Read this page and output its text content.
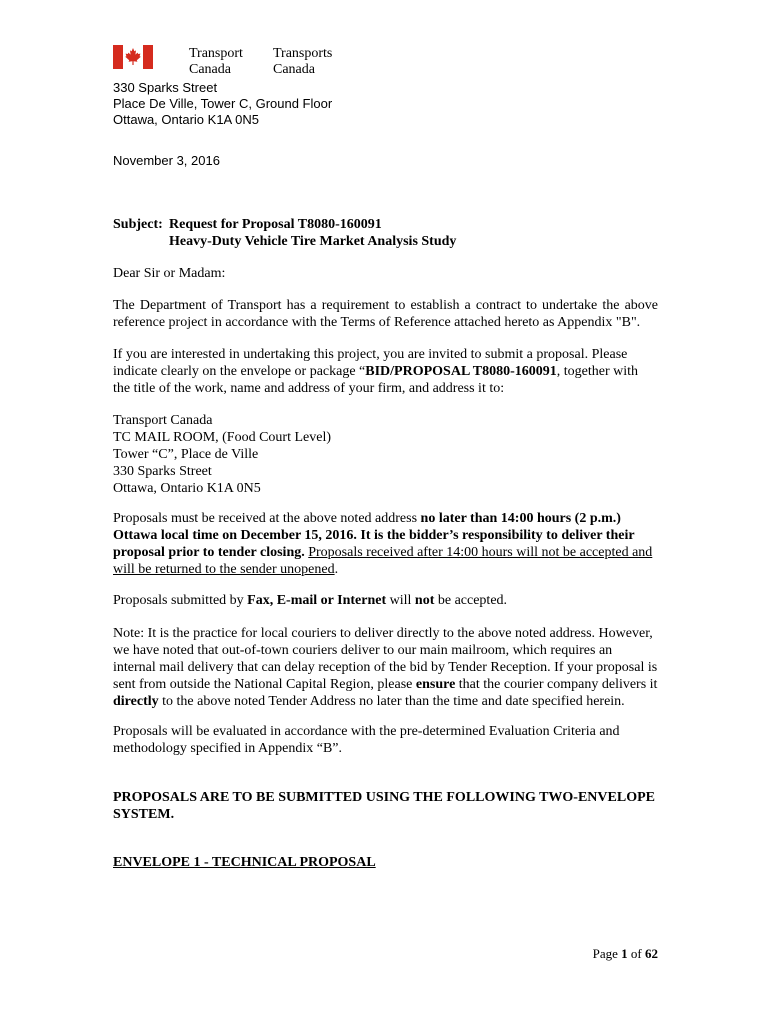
Transport
Canada
Transports
Canada
330 Sparks Street
Place De Ville, Tower C, Ground Floor
Ottawa, Ontario K1A 0N5
November 3, 2016
Subject: Request for Proposal T8080-160091
Heavy-Duty Vehicle Tire Market Analysis Study
Dear Sir or Madam:
The Department of Transport has a requirement to establish a contract to undertake the above reference project in accordance with the Terms of Reference attached hereto as Appendix "B".
If you are interested in undertaking this project, you are invited to submit a proposal. Please indicate clearly on the envelope or package “BID/PROPOSAL T8080-160091, together with the title of the work, name and address of your firm, and address it to:
Transport Canada
TC MAIL ROOM, (Food Court Level)
Tower “C”, Place de Ville
330 Sparks Street
Ottawa, Ontario K1A 0N5
Proposals must be received at the above noted address no later than 14:00 hours (2 p.m.) Ottawa local time on December 15, 2016. It is the bidder’s responsibility to deliver their proposal prior to tender closing. Proposals received after 14:00 hours will not be accepted and will be returned to the sender unopened.
Proposals submitted by Fax, E-mail or Internet will not be accepted.
Note: It is the practice for local couriers to deliver directly to the above noted address. However, we have noted that out-of-town couriers deliver to our main mailroom, which requires an internal mail delivery that can delay reception of the bid by Tender Reception. If your proposal is sent from outside the National Capital Region, please ensure that the courier company delivers it directly to the above noted Tender Address no later than the time and date specified herein.
Proposals will be evaluated in accordance with the pre-determined Evaluation Criteria and methodology specified in Appendix “B”.
PROPOSALS ARE TO BE SUBMITTED USING THE FOLLOWING TWO-ENVELOPE SYSTEM.
ENVELOPE 1 - TECHNICAL PROPOSAL
Page 1 of 62
